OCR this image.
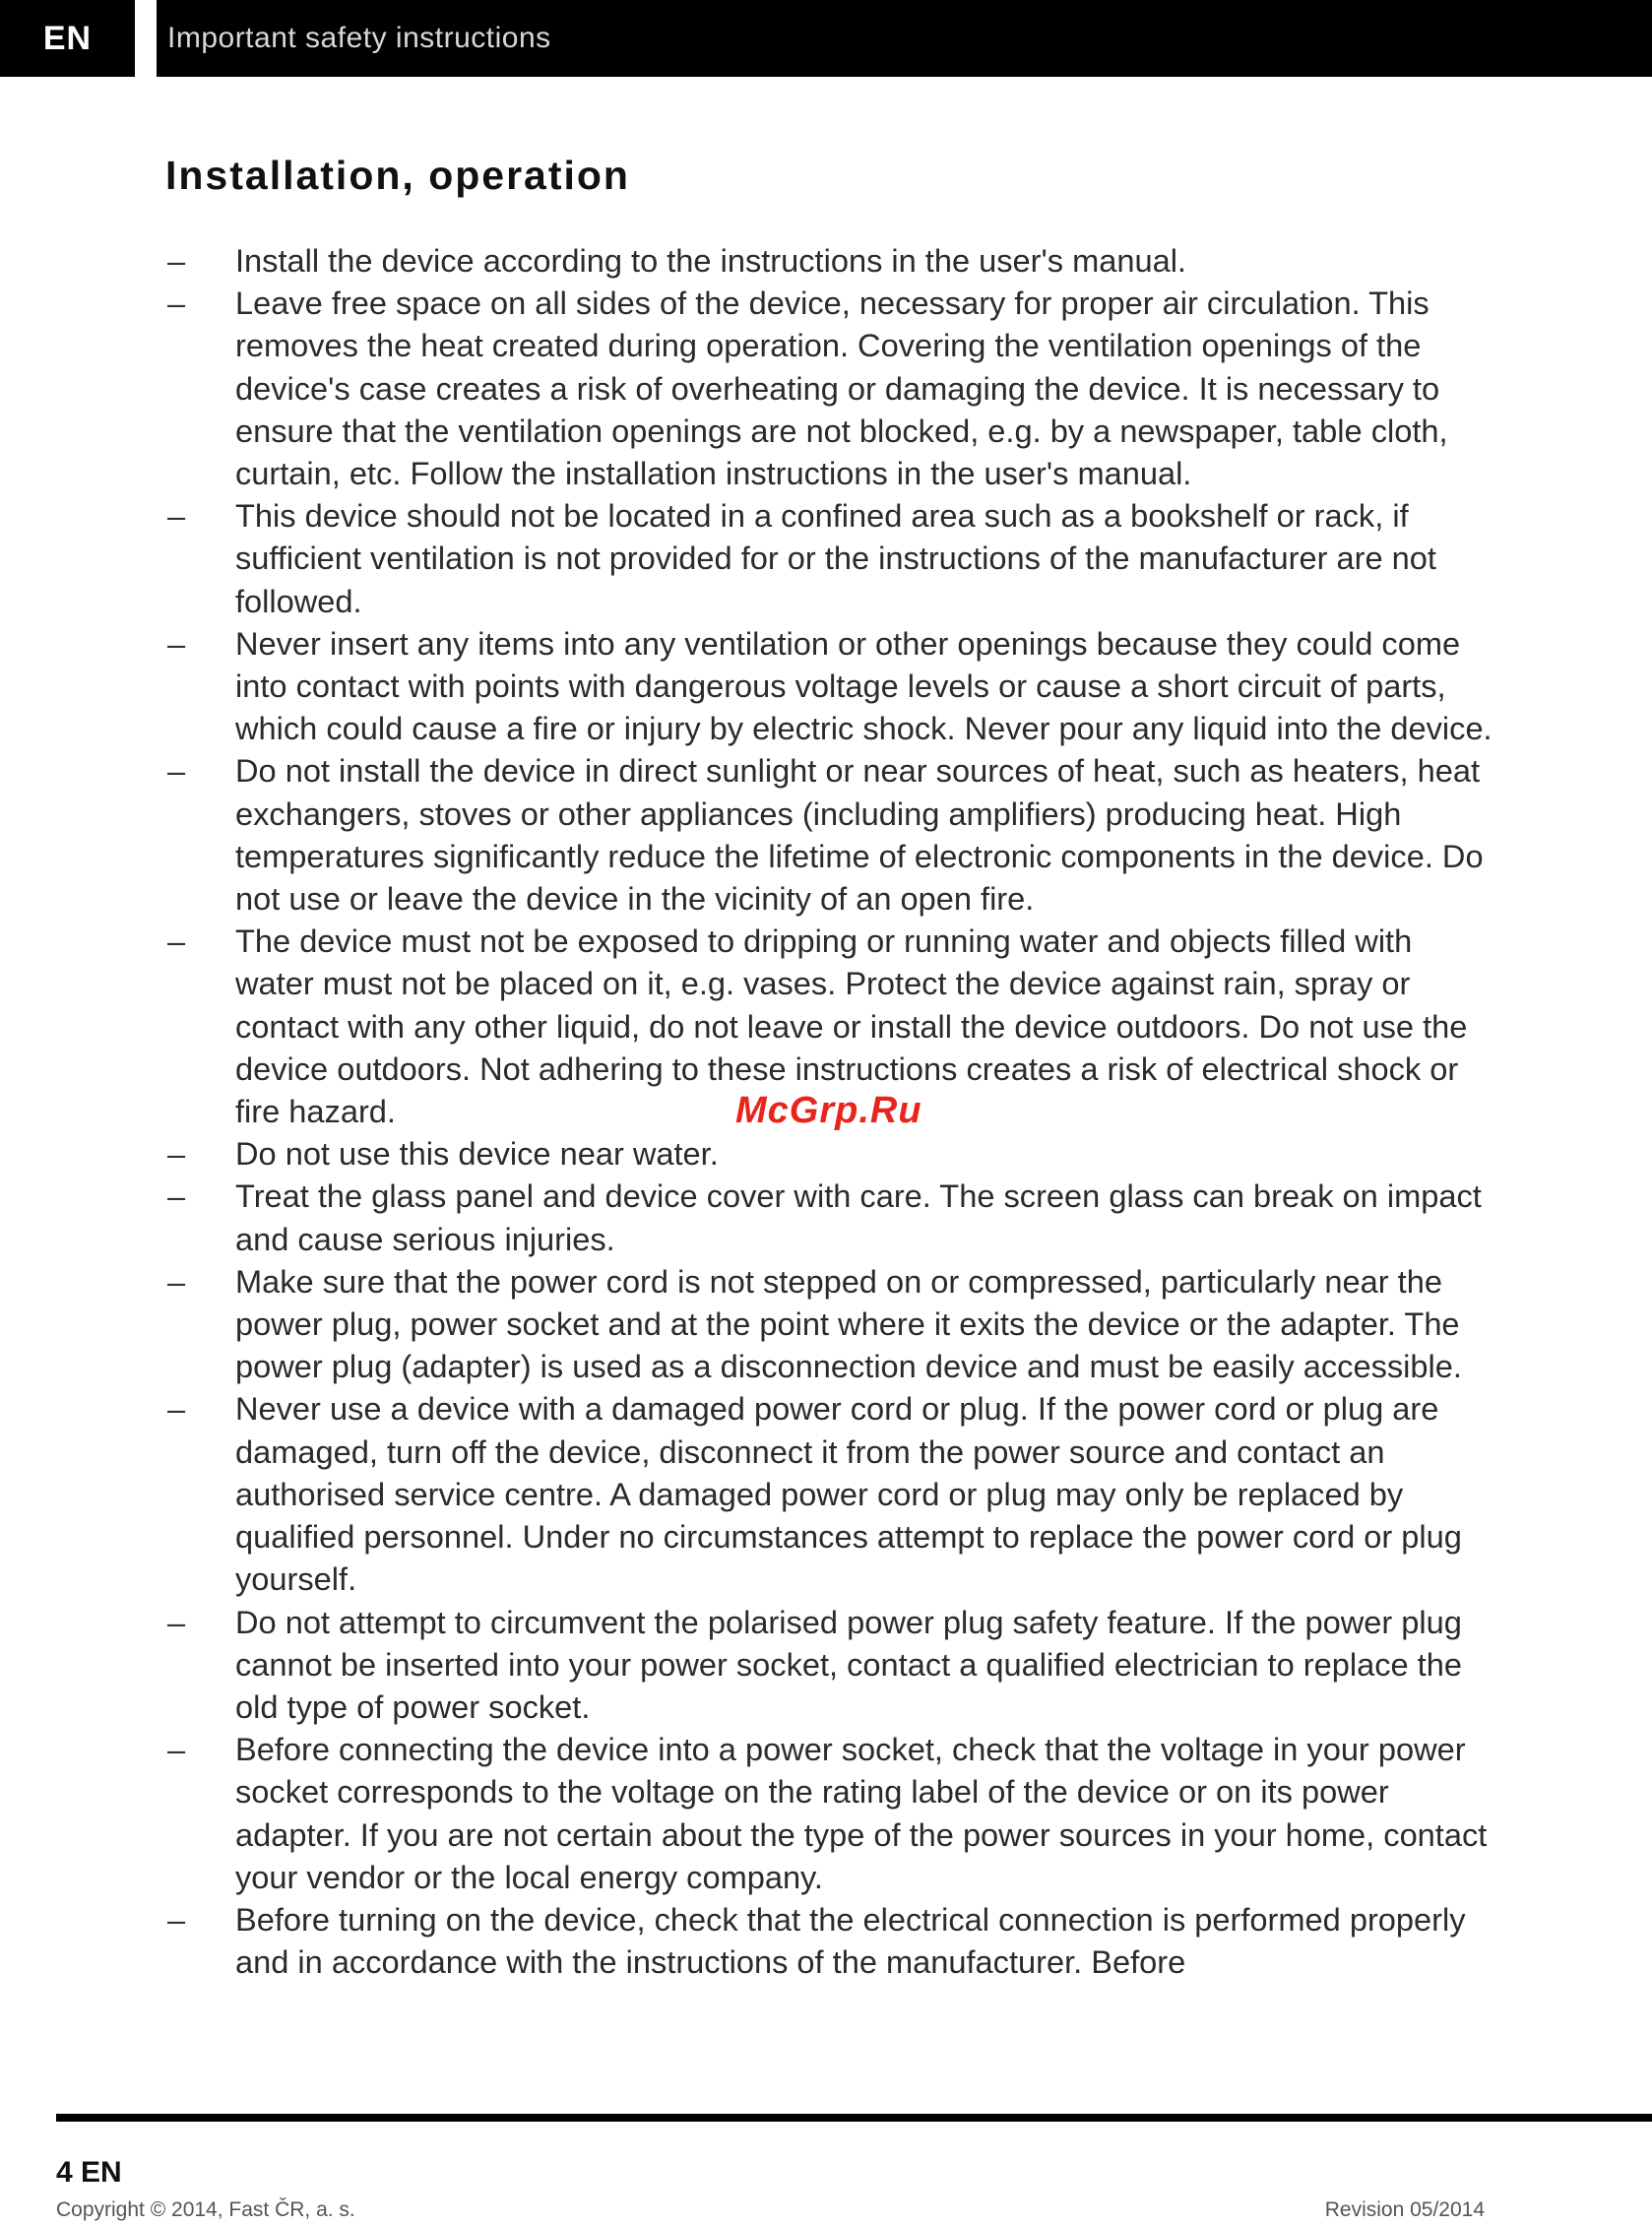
EN	Important safety instructions
Installation, operation
– Install the device according to the instructions in the user's manual.
– Leave free space on all sides of the device, necessary for proper air circulation. This removes the heat created during operation. Covering the ventilation openings of the device's case creates a risk of overheating or damaging the device. It is necessary to ensure that the ventilation openings are not blocked, e.g. by a newspaper, table cloth, curtain, etc. Follow the installation instructions in the user's manual.
– This device should not be located in a confined area such as a bookshelf or rack, if sufficient ventilation is not provided for or the instructions of the manufacturer are not followed.
– Never insert any items into any ventilation or other openings because they could come into contact with points with dangerous voltage levels or cause a short circuit of parts, which could cause a fire or injury by electric shock. Never pour any liquid into the device.
– Do not install the device in direct sunlight or near sources of heat, such as heaters, heat exchangers, stoves or other appliances (including amplifiers) producing heat. High temperatures significantly reduce the lifetime of electronic components in the device. Do not use or leave the device in the vicinity of an open fire.
– The device must not be exposed to dripping or running water and objects filled with water must not be placed on it, e.g. vases. Protect the device against rain, spray or contact with any other liquid, do not leave or install the device outdoors. Do not use the device outdoors. Not adhering to these instructions creates a risk of electrical shock or fire hazard.
– Do not use this device near water.
– Treat the glass panel and device cover with care. The screen glass can break on impact and cause serious injuries.
– Make sure that the power cord is not stepped on or compressed, particularly near the power plug, power socket and at the point where it exits the device or the adapter. The power plug (adapter) is used as a disconnection device and must be easily accessible.
– Never use a device with a damaged power cord or plug. If the power cord or plug are damaged, turn off the device, disconnect it from the power source and contact an authorised service centre. A damaged power cord or plug may only be replaced by qualified personnel. Under no circumstances attempt to replace the power cord or plug yourself.
– Do not attempt to circumvent the polarised power plug safety feature. If the power plug cannot be inserted into your power socket, contact a qualified electrician to replace the old type of power socket.
– Before connecting the device into a power socket, check that the voltage in your power socket corresponds to the voltage on the rating label of the device or on its power adapter. If you are not certain about the type of the power sources in your home, contact your vendor or the local energy company.
– Before turning on the device, check that the electrical connection is performed properly and in accordance with the instructions of the manufacturer. Before
McGrp.Ru
4 EN
Copyright © 2014, Fast ČR, a. s.	Revision 05/2014
